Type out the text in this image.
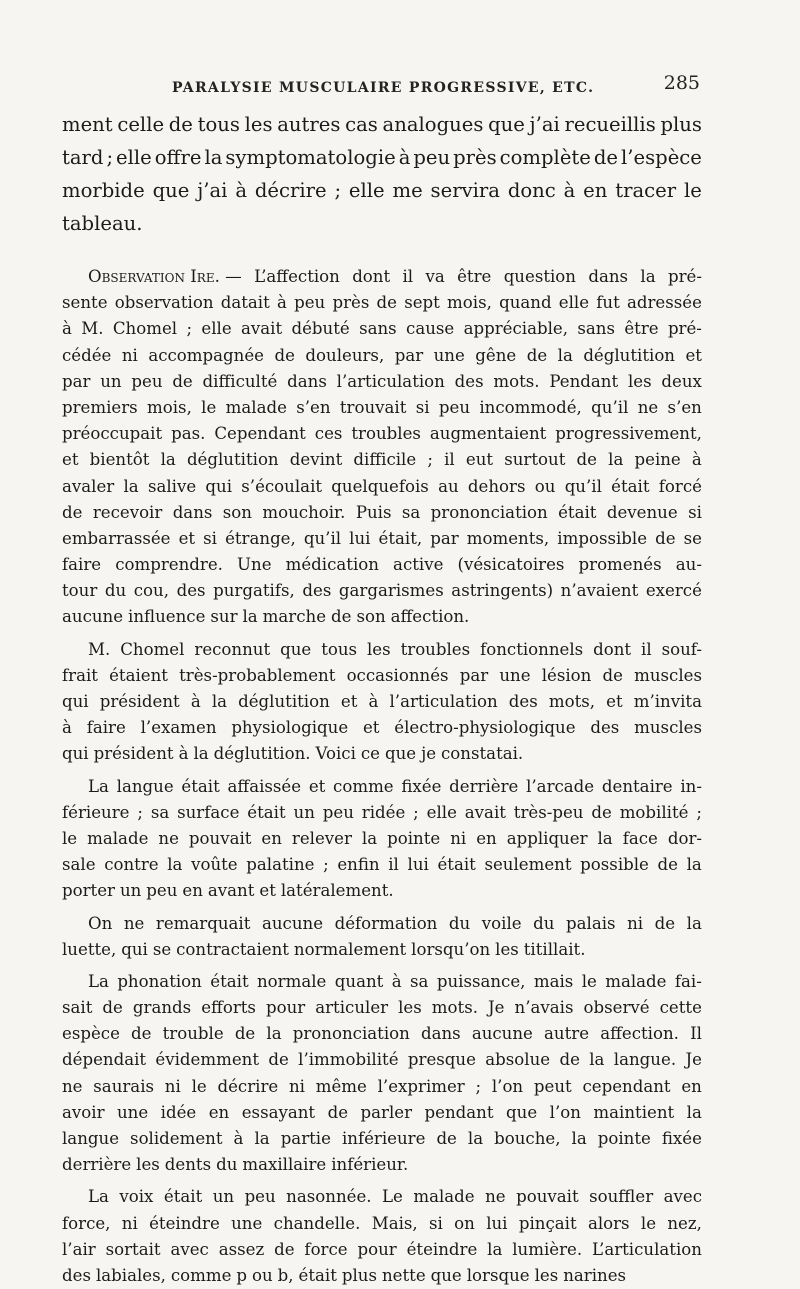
PARALYSIE MUSCULAIRE PROGRESSIVE, ETC.	285
ment celle de tous les autres cas analogues que j’ai recueillis plus
tard ; elle offre la symptomatologie à peu près complète de l’espèce
morbide que j’ai à décrire ; elle me servira donc à en tracer le
tableau.
Observation Ire. — L’affection dont il va être question dans la pré-
sente observation datait à peu près de sept mois, quand elle fut adressée
à M. Chomel ; elle avait débuté sans cause appréciable, sans être pré-
cédée ni accompagnée de douleurs, par une gêne de la déglutition et
par un peu de difficulté dans l’articulation des mots. Pendant les deux
premiers mois, le malade s’en trouvait si peu incommodé, qu’il ne s’en
préoccupait pas. Cependant ces troubles augmentaient progressivement,
et bientôt la déglutition devint difficile ; il eut surtout de la peine à
avaler la salive qui s’écoulait quelquefois au dehors ou qu’il était forcé
de recevoir dans son mouchoir. Puis sa prononciation était devenue si
embarrassée et si étrange, qu’il lui était, par moments, impossible de se
faire comprendre. Une médication active (vésicatoires promenés au-
tour du cou, des purgatifs, des gargarismes astringents) n’avaient exercé
aucune influence sur la marche de son affection.
M. Chomel reconnut que tous les troubles fonctionnels dont il souf-
frait étaient très-probablement occasionnés par une lésion de muscles
qui président à la déglutition et à l’articulation des mots, et m’invita
à faire l’examen physiologique et électro-physiologique des muscles
qui président à la déglutition. Voici ce que je constatai.
La langue était affaissée et comme fixée derrière l’arcade dentaire in-
férieure ; sa surface était un peu ridée ; elle avait très-peu de mobilité ;
le malade ne pouvait en relever la pointe ni en appliquer la face dor-
sale contre la voûte palatine ; enfin il lui était seulement possible de la
porter un peu en avant et latéralement.
On ne remarquait aucune déformation du voile du palais ni de la
luette, qui se contractaient normalement lorsqu’on les titillait.
La phonation était normale quant à sa puissance, mais le malade fai-
sait de grands efforts pour articuler les mots. Je n’avais observé cette
espèce de trouble de la prononciation dans aucune autre affection. Il
dépendait évidemment de l’immobilité presque absolue de la langue. Je
ne saurais ni le décrire ni même l’exprimer ; l’on peut cependant en
avoir une idée en essayant de parler pendant que l’on maintient la
langue solidement à la partie inférieure de la bouche, la pointe fixée
derrière les dents du maxillaire inférieur.
La voix était un peu nasonnée. Le malade ne pouvait souffler avec
force, ni éteindre une chandelle. Mais, si on lui pinçait alors le nez,
l’air sortait avec assez de force pour éteindre la lumière. L’articulation
des labiales, comme p ou b, était plus nette que lorsque les narines
